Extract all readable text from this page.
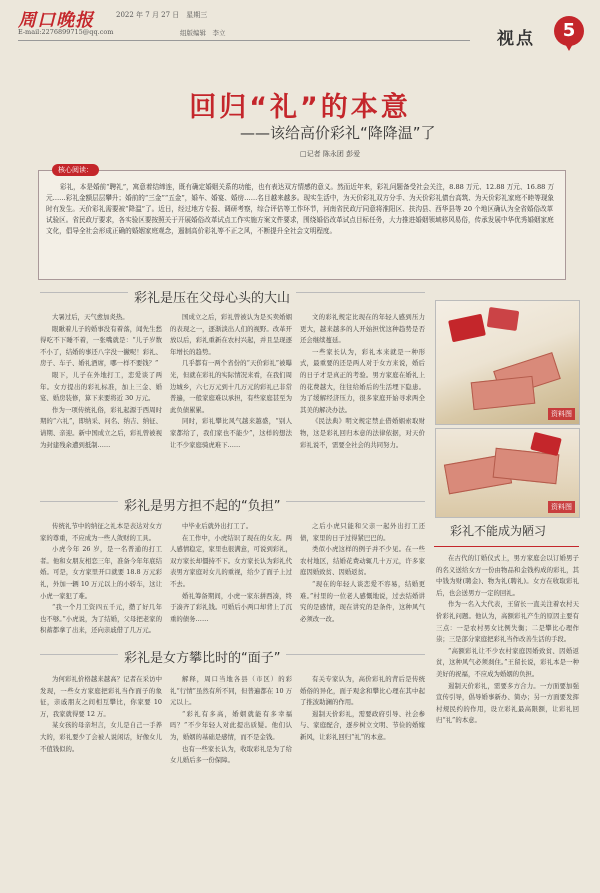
周口晚报	2022 年 7 月 27 日　星期三
E-mail:2276899715@qq.com	组版编辑　李立	视点	5
回归“礼”的本意
——该给高价彩礼“降降温”了
□记者 陈永团 彭爱
核心阅读：
彩礼，本是婚前“聘礼”，寓意着结缔连，既有确定婚姻关系的功能，也有表达双方情感的意义。然而近年来，彩礼问题备受社会关注，8.88 万元、12.88 万元、16.88 万元……彩礼金额层层攀升；婚前的“三金”“五金”，婚车、婚宴、婚房……名目越来越多。现实生活中，为天价彩礼双方分手、为天价彩礼债台高筑、为天价彩礼家庭不睦等现象时有发生。天价彩礼需要被“降温”了。近日，经过地方专报、调研考察，综合评估等工作环节，河南省民政厅同意将淮阳区、扶沟县、西华县等 20 个地区确认为全省婚俗改革试验区。省民政厅要求，各实验区要按照关于开展婚俗改革试点工作实施方案文件要求，围绕婚俗改革试点目标任务，大力推进婚姻领域移风易俗，传承发展中华优秀婚姻家庭文化，倡导全社会形成正确的婚姻家庭观念，遏制高价彩礼等不正之风，不断提升全社会文明程度。
彩礼是压在父母心头的大山

大暑过后，天气愈加炎热。

眼瞅着儿子的婚事没有着落，闻先生愁得吃不下睡不着，一张嘴就是：“儿子岁数不小了，结婚的事还八字没一撇呢！彩礼、房子、车子、婚礼酒席，哪一样不要钱？”

眼下，儿子在外地打工，恋爱谈了两年。女方提出的彩礼标准，加上三金、婚宴、婚房装修，算下来要将近 30 万元。

作为一项传统礼俗，彩礼起源于西周时期的“六礼”，即纳采、问名、纳吉、纳征、请期、亲迎。新中国成立之后，彩礼曾被视为封建残余遭到抵制……

国成立之后，彩礼曾被认为是买卖婚姻的表现之一，逐渐淡出人们的视野。改革开放以后，彩礼重新在农村兴起，并且呈现逐年增长的趋势。

几乎都有一两个省份的“天价彩礼”被曝光，但就在彩礼的实际情况来看，在我们周边城乡，六七万元到十几万元的彩礼已非常普遍，一般家庭难以承担，有些家庭甚至为此负债累累。

同时，彩礼攀比风气越来越盛，“别人家都给了，我们家也不能少”，这样的想法让不少家庭骑虎难下……

文的彩礼规定比现在的年轻人感到压力更大，越来越多的人开始担忧这种趋势是否还会继续蔓延。

一些家长认为，彩礼本来就是一种形式，最重要的还是两人对于女方来说，婚后的日子才是真正的考验。男方家庭在婚礼上的花费越大，往往给婚后的生活埋下隐患。为了缓解经济压力，很多家庭开始寻求两全其美的解决办法。

《民法典》明文规定禁止借婚姻索取财物，这是彩礼回归本意的法律依据，对天价彩礼说不，需要全社会的共同努力。

彩礼是男方担不起的“负担”

传统礼节中的纳征之礼本是表达对女方家的尊重，不应成为一些人敛财的工具。

小虎今年 26 岁，是一名普通的打工者。他和女朋友相恋三年，准备今年年底结婚。可是，女方家里开口就要 18.8 万元彩礼，外加一辆 10 万元以上的小轿车，这让小虎一家犯了难。

“我一个月工资四五千元，攒了好几年也不够。”小虎说，为了结婚，父母把老家的积蓄都拿了出来，还向亲戚借了几万元。

中毕业后就外出打工了。

在工作中，小虎结识了现在的女友。两人感情稳定，家里也很满意，可说到彩礼，双方家长却僵持不下。女方家长认为彩礼代表男方家庭对女儿的重视，给少了面子上过不去。

婚礼筹备期间，小虎一家东拼西凑，终于凑齐了彩礼钱。可婚后小两口却背上了沉重的债务……

之后小虎只能和父亲一起外出打工还债，家里的日子过得紧巴巴的。

类似小虎这样的例子并不少见。在一些农村地区，结婚花费动辄几十万元，许多家庭因婚致贫、因婚返贫。

“现在的年轻人谈恋爱不容易，结婚更难。”村里的一位老人感慨地说，过去结婚讲究的是感情，现在讲究的是条件，这种风气必须改一改。

彩礼是女方攀比时的“面子”

为何彩礼价格越来越高？记者在采访中发现，一些女方家庭把彩礼当作面子的象征，亲戚朋友之间相互攀比，你家要 10 万，我家就得要 12 万。

某女孩的母亲坦言，女儿是自己一手养大的，彩礼要少了会被人说闲话，好像女儿不值钱似的。

解释，周口当地各县（市区）的彩礼“行情”虽然有所不同，但普遍都在 10 万元以上。

“彩礼有多高，婚姻就能有多幸福吗？”不少年轻人对此提出质疑。他们认为，婚姻的基础是感情，而不是金钱。

也有一些家长认为，收取彩礼是为了给女儿婚后多一份保障。

有关专家认为，高价彩礼的背后是传统婚俗的异化，面子观念和攀比心理在其中起了推波助澜的作用。

遏制天价彩礼，需要政府引导、社会参与、家庭配合，逐步树立文明、节俭的婚嫁新风，让彩礼回归“礼”的本意。

资料图
资料图
彩礼不能成为陋习

在古代的订婚仪式上，男方家庭会以订婚男子的名义送给女方一份由物品和金钱构成的彩礼，其中钱为财(聘金)、物为礼(聘礼)。女方在收取彩礼后，也会送男方一定的回礼。

作为一名入大代表，王留长一直关注着农村天价彩礼问题。他认为，高额彩礼产生的原因主要有三点：一是农村男女比例失衡；二是攀比心理作祟；三是部分家庭把彩礼当作改善生活的手段。

“高额彩礼让不少农村家庭因婚致贫、因婚返贫，这种风气必须刹住。”王留长说，彩礼本是一种美好的祝福，不应成为婚姻的负担。

遏制天价彩礼，需要多方合力。一方面要加强宣传引导，倡导婚事新办、简办；另一方面要发挥村规民约的作用，设立彩礼最高限额，让彩礼回归“礼”的本意。
